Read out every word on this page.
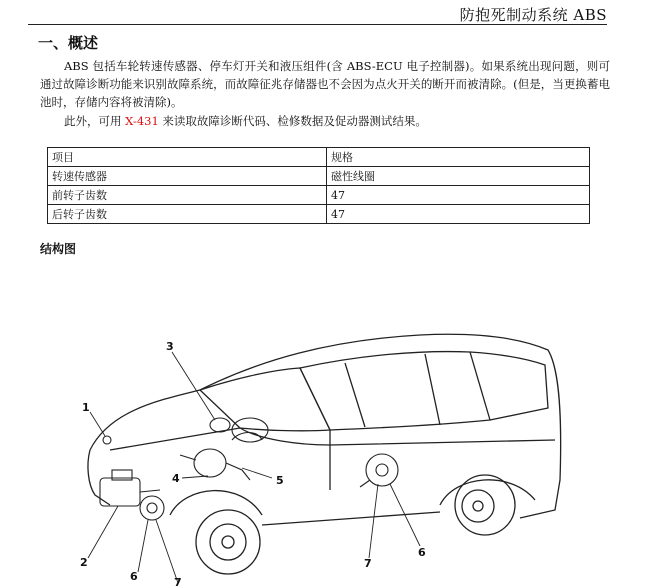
防抱死制动系统 ABS
一、概述
ABS 包括车轮转速传感器、停车灯开关和液压组件(含 ABS-ECU 电子控制器)。如果系统出现问题，则可通过故障诊断功能来识别故障系统，而故障征兆存储器也不会因为点火开关的断开而被清除。(但是，当更换蓄电池时，存储内容将被清除)。
此外，可用 X-431 来读取故障诊断代码、检修数据及促动器测试结果。
项目	规格
转速传感器	磁性线圈
前转子齿数	47
后转子齿数	47
结构图
3
1
4	5
2
6	7
7
6
